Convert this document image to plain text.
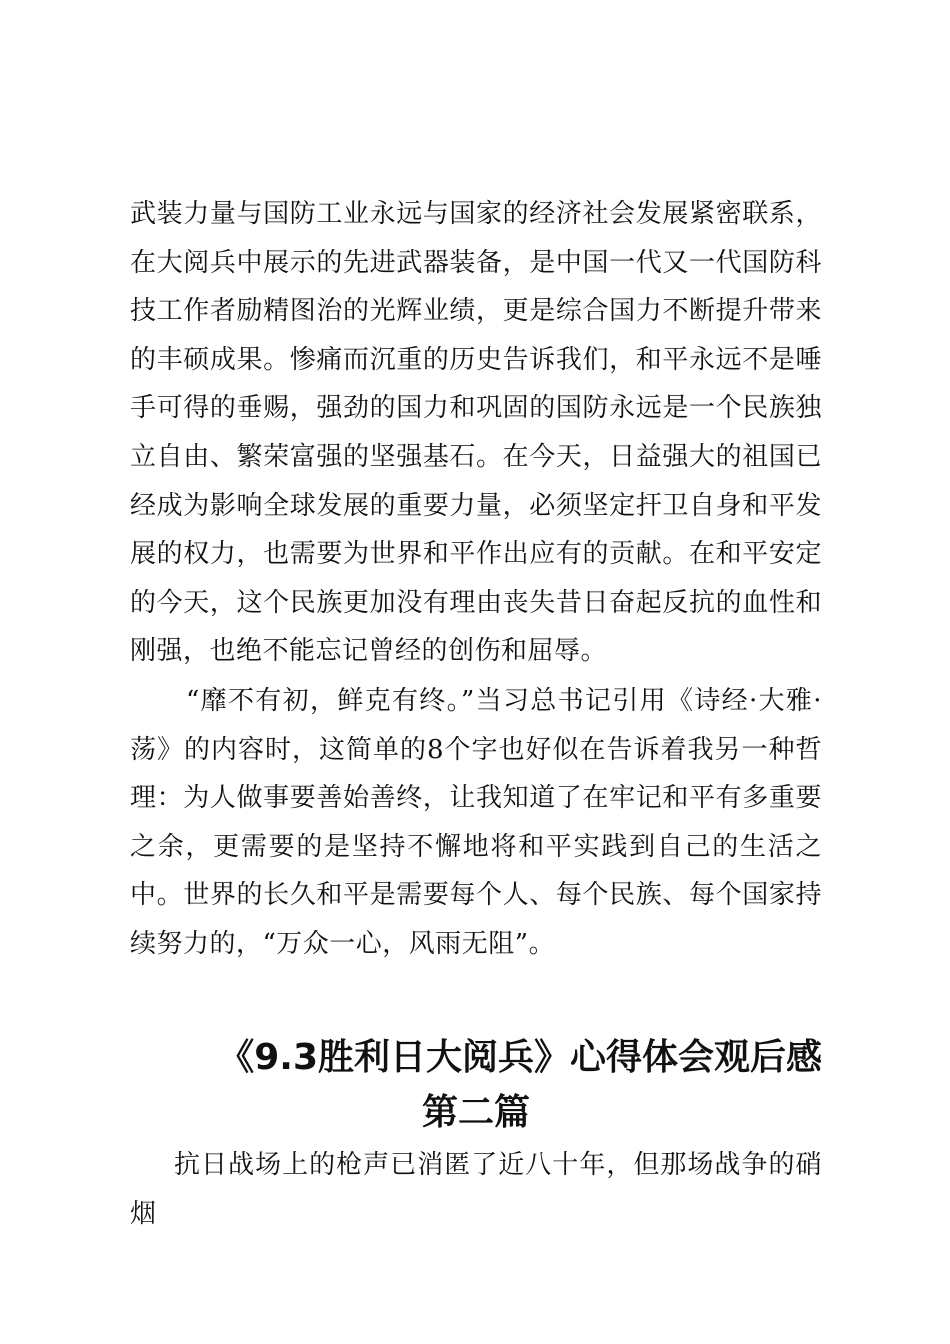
武装力量与国防工业永远与国家的经济社会发展紧密联系，在大阅兵中展示的先进武器装备，是中国一代又一代国防科技工作者励精图治的光辉业绩，更是综合国力不断提升带来的丰硕成果。惨痛而沉重的历史告诉我们，和平永远不是唾手可得的垂赐，强劲的国力和巩固的国防永远是一个民族独立自由、繁荣富强的坚强基石。在今天，日益强大的祖国已经成为影响全球发展的重要力量，必须坚定扞卫自身和平发展的权力，也需要为世界和平作出应有的贡献。在和平安定的今天，这个民族更加没有理由丧失昔日奋起反抗的血性和刚强，也绝不能忘记曾经的创伤和屈辱。

“靡不有初，鲜克有终。”当习总书记引用《诗经·大雅·荡》的内容时，这简单的8个字也好似在告诉着我另一种哲理：为人做事要善始善终，让我知道了在牢记和平有多重要之余，更需要的是坚持不懈地将和平实践到自己的生活之中。世界的长久和平是需要每个人、每个民族、每个国家持续努力的，“万众一心，风雨无阻”。

《9.3胜利日大阅兵》心得体会观后感
第二篇

抗日战场上的枪声已消匿了近八十年，但那场战争的硝烟
